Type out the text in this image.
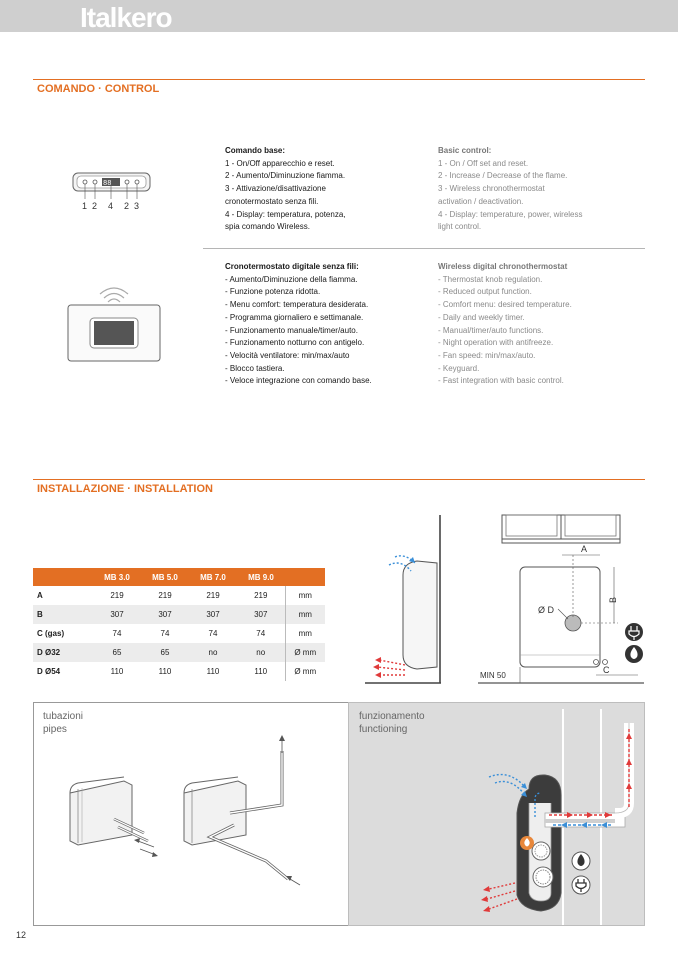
Italkero
COMANDO · CONTROL
88
1 2 4 2 3
Comando base:
1 - On/Off apparecchio e reset.
2 - Aumento/Diminuzione fiamma.
3 - Attivazione/disattivazione
cronotermostato senza fili.
4 - Display: temperatura, potenza,
spia comando Wireless.
Basic control:
1 - On / Off set and reset.
2 - Increase / Decrease of the flame.
3 - Wireless chronothermostat
activation / deactivation.
4 - Display: temperature, power, wireless
light control.
Cronotermostato digitale senza fili:
- Aumento/Diminuzione della fiamma.
- Funzione potenza ridotta.
- Menu comfort: temperatura desiderata.
- Programma giornaliero e settimanale.
- Funzionamento manuale/timer/auto.
- Funzionamento notturno con antigelo.
- Velocità ventilatore: min/max/auto
- Blocco tastiera.
- Veloce integrazione con comando base.
Wireless digital chronothermostat
- Thermostat knob regulation.
- Reduced output function.
- Comfort menu: desired temperature.
- Daily and weekly timer.
- Manual/timer/auto functions.
- Night operation with antifreeze.
- Fan speed: min/max/auto.
- Keyguard.
- Fast integration with basic control.
INSTALLAZIONE · INSTALLATION
	MB 3.0	MB 5.0	MB 7.0	MB 9.0	
A	219	219	219	219	mm
B	307	307	307	307	mm
C (gas)	74	74	74	74	mm
D Ø32	65	65	no	no	Ø mm
D Ø54	110	110	110	110	Ø mm
A
B
Ø D
MIN 50
C
tubazioni
pipes
funzionamento
functioning
12
